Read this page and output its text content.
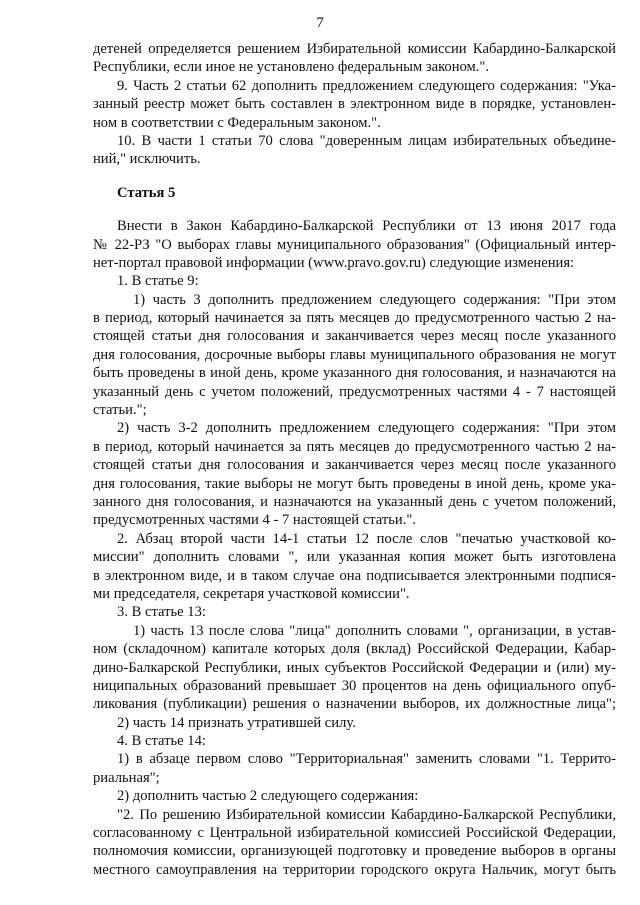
7
детеней определяется решением Избирательной комиссии Кабардино-Балкарской
Республики, если иное не установлено федеральным законом.".
9. Часть 2 статьи 62 дополнить предложением следующего содержания: "Ука-
занный реестр может быть составлен в электронном виде в порядке, установлен-
ном в соответствии с Федеральным законом.".
10. В части 1 статьи 70 слова "доверенным лицам избирательных объедине-
ний," исключить.
Статья 5
Внести в Закон Кабардино-Балкарской Республики от 13 июня 2017 года
№ 22-РЗ "О выборах главы муниципального образования" (Официальный интер-
нет-портал правовой информации (www.pravo.gov.ru) следующие изменения:
1. В статье 9:
1) часть 3 дополнить предложением следующего содержания: "При этом
в период, который начинается за пять месяцев до предусмотренного частью 2 на-
стоящей статьи дня голосования и заканчивается через месяц после указанного
дня голосования, досрочные выборы главы муниципального образования не могут
быть проведены в иной день, кроме указанного дня голосования, и назначаются на
указанный день с учетом положений, предусмотренных частями 4 - 7 настоящей
статьи.";
2) часть 3-2 дополнить предложением следующего содержания: "При этом
в период, который начинается за пять месяцев до предусмотренного частью 2 на-
стоящей статьи дня голосования и заканчивается через месяц после указанного
дня голосования, такие выборы не могут быть проведены в иной день, кроме ука-
занного дня голосования, и назначаются на указанный день с учетом положений,
предусмотренных частями 4 - 7 настоящей статьи.".
2. Абзац второй части 14-1 статьи 12 после слов "печатью участковой ко-
миссии" дополнить словами ", или указанная копия может быть изготовлена
в электронном виде, и в таком случае она подписывается электронными подпися-
ми председателя, секретаря участковой комиссии".
3. В статье 13:
1) часть 13 после слова "лица" дополнить словами ", организации, в устав-
ном (складочном) капитале которых доля (вклад) Российской Федерации, Кабар-
дино-Балкарской Республики, иных субъектов Российской Федерации и (или) му-
ниципальных образований превышает 30 процентов на день официального опуб-
ликования (публикации) решения о назначении выборов, их должностные лица";
2) часть 14 признать утратившей силу.
4. В статье 14:
1) в абзаце первом слово "Территориальная" заменить словами "1. Террито-
риальная";
2) дополнить частью 2 следующего содержания:
"2. По решению Избирательной комиссии Кабардино-Балкарской Республики,
согласованному с Центральной избирательной комиссией Российской Федерации,
полномочия комиссии, организующей подготовку и проведение выборов в органы
местного самоуправления на территории городского округа Нальчик, могут быть
